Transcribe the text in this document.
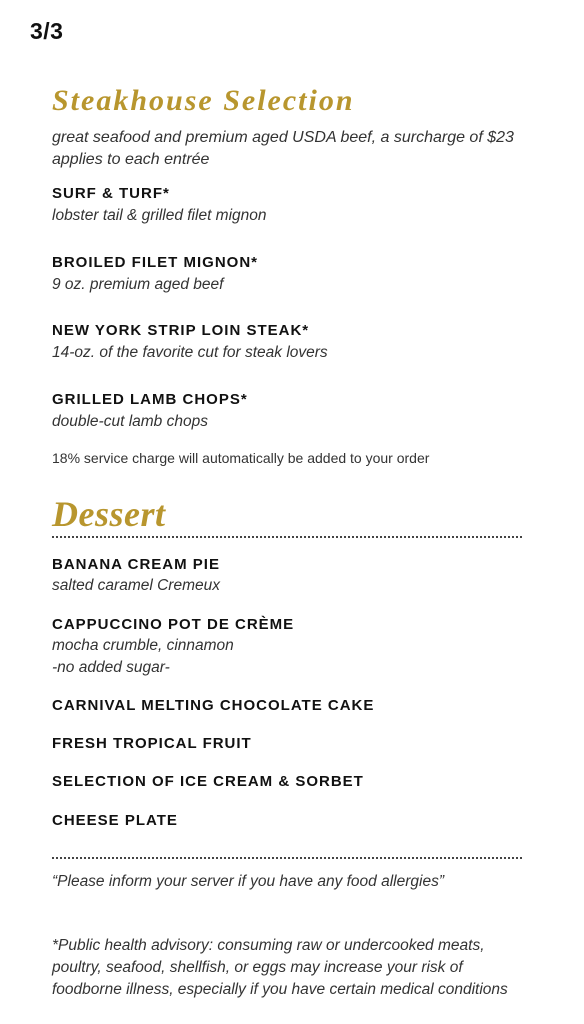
3/3
Steakhouse Selection
great seafood and premium aged USDA beef, a surcharge of $23
applies to each entrée
SURF & TURF*
lobster tail & grilled filet mignon
BROILED FILET MIGNON*
9 oz. premium aged beef
NEW YORK STRIP LOIN STEAK*
14-oz. of the favorite cut for steak lovers
GRILLED LAMB CHOPS*
double-cut lamb chops
18% service charge will automatically be added to your order
Dessert
BANANA CREAM PIE
salted caramel Cremeux
CAPPUCCINO POT DE CRÈME
mocha crumble, cinnamon
-no added sugar-
CARNIVAL MELTING CHOCOLATE CAKE
FRESH TROPICAL FRUIT
SELECTION OF ICE CREAM & SORBET
CHEESE PLATE
“Please inform your server if you have any food allergies”
*Public health advisory: consuming raw or undercooked meats,
poultry, seafood, shellfish, or eggs may increase your risk of
foodborne illness, especially if you have certain medical conditions
